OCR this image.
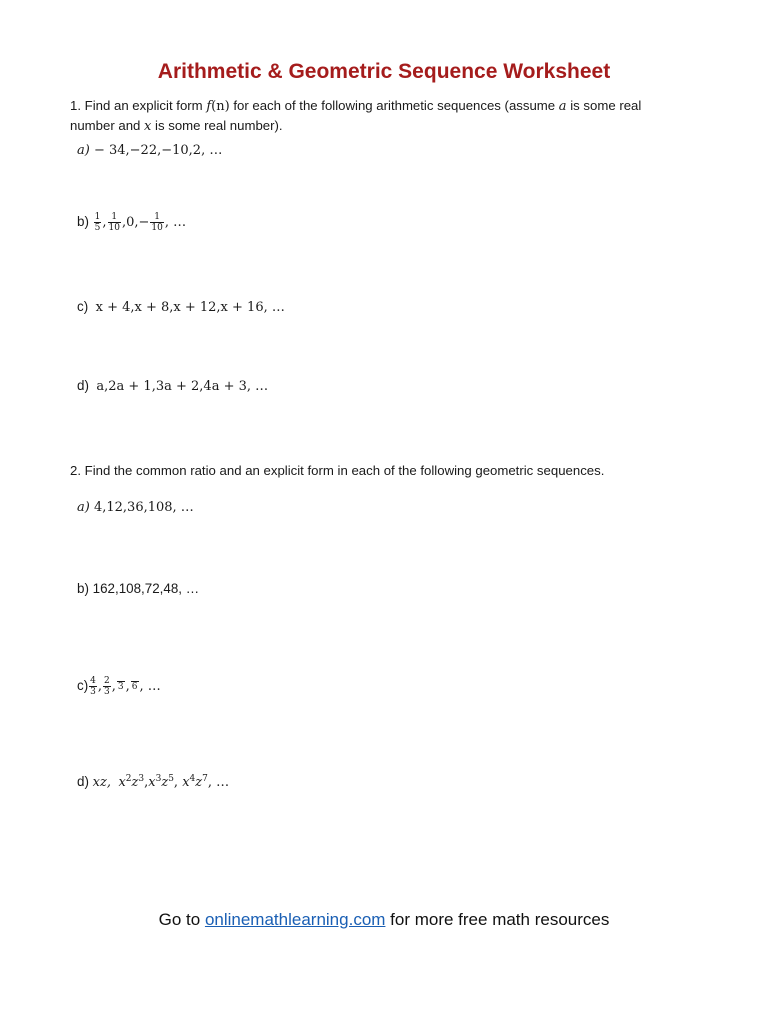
Arithmetic & Geometric Sequence Worksheet
1. Find an explicit form f(n) for each of the following arithmetic sequences (assume a is some real number and x is some real number).
a) − 34,−22,−10,2, …
$b) \frac{1}{5}$ , $\frac{1}{10} ,0,- \frac{1}{10}$ , …
c) x + 4,x + 8,x + 12,x + 16, …
d) a,2a + 1,3a + 2,4a + 3, …
2. Find the common ratio and an explicit form in each of the following geometric sequences.
a) 4,12,36,108, …
b) 162,108,72,48, …
$c) \frac{4}{3}$ , $\frac{2}{3}$ , 3 , 6 , …
d) xz, $x^2z^3,x^3z^5$, $x^4z^7$, …
Go to onlinemathlearning.com for more free math resources
